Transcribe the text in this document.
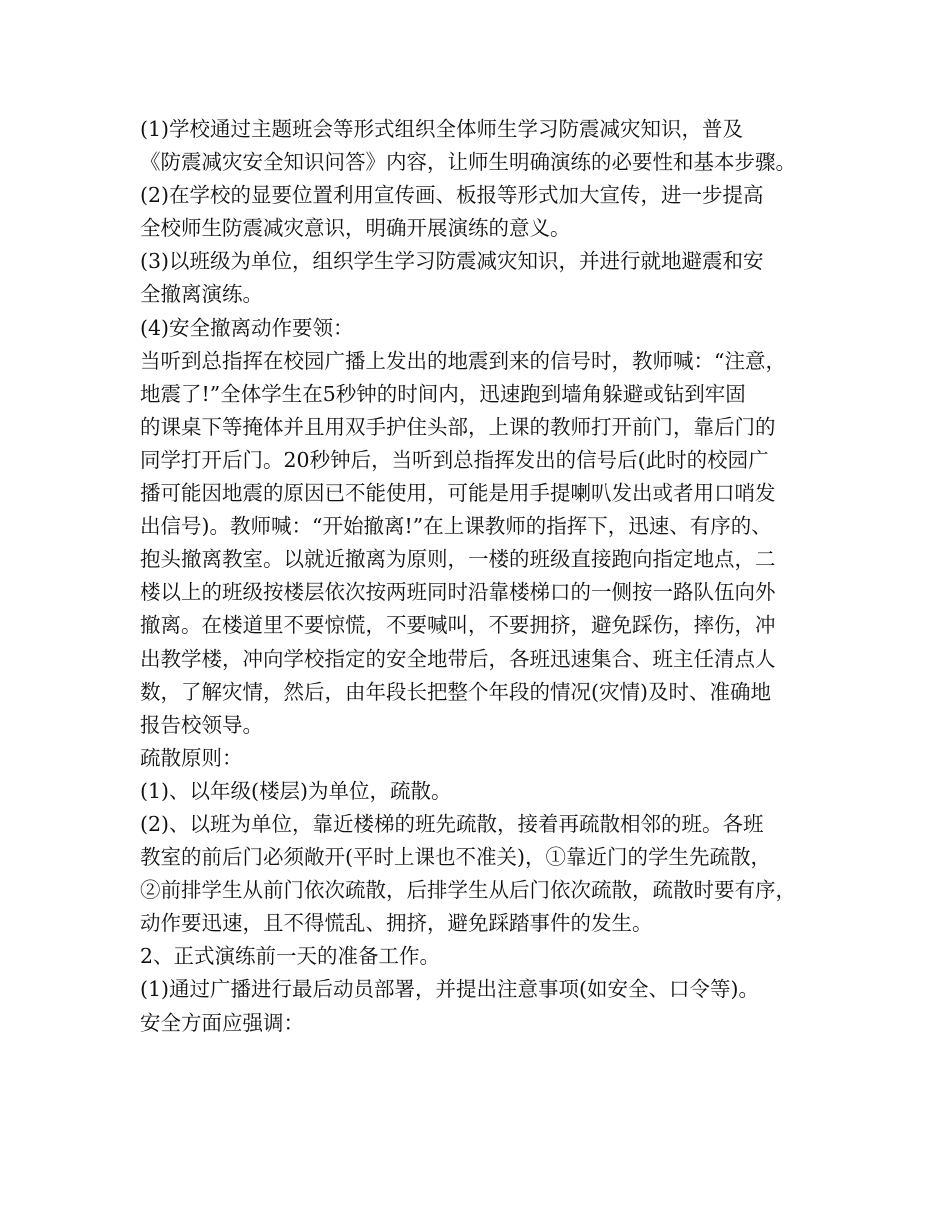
(1)学校通过主题班会等形式组织全体师生学习防震减灾知识，普及
《防震减灾安全知识问答》内容，让师生明确演练的必要性和基本步骤。
(2)在学校的显要位置利用宣传画、板报等形式加大宣传，进一步提高
全校师生防震减灾意识，明确开展演练的意义。
(3)以班级为单位，组织学生学习防震减灾知识，并进行就地避震和安
全撤离演练。
(4)安全撤离动作要领：
当听到总指挥在校园广播上发出的地震到来的信号时，教师喊：“注意，
地震了!”全体学生在5秒钟的时间内，迅速跑到墙角躲避或钻到牢固
的课桌下等掩体并且用双手护住头部，上课的教师打开前门，靠后门的
同学打开后门。20秒钟后，当听到总指挥发出的信号后(此时的校园广
播可能因地震的原因已不能使用，可能是用手提喇叭发出或者用口哨发
出信号)。教师喊：“开始撤离!”在上课教师的指挥下，迅速、有序的、
抱头撤离教室。以就近撤离为原则，一楼的班级直接跑向指定地点，二
楼以上的班级按楼层依次按两班同时沿靠楼梯口的一侧按一路队伍向外
撤离。在楼道里不要惊慌，不要喊叫，不要拥挤，避免踩伤，摔伤，冲
出教学楼，冲向学校指定的安全地带后，各班迅速集合、班主任清点人
数，了解灾情，然后，由年段长把整个年段的情况(灾情)及时、准确地
报告校领导。
疏散原则：
(1)、以年级(楼层)为单位，疏散。
(2)、以班为单位，靠近楼梯的班先疏散，接着再疏散相邻的班。各班
教室的前后门必须敞开(平时上课也不准关)，①靠近门的学生先疏散，
②前排学生从前门依次疏散，后排学生从后门依次疏散，疏散时要有序，
动作要迅速，且不得慌乱、拥挤，避免踩踏事件的发生。
2、正式演练前一天的准备工作。
(1)通过广播进行最后动员部署，并提出注意事项(如安全、口令等)。
安全方面应强调：
